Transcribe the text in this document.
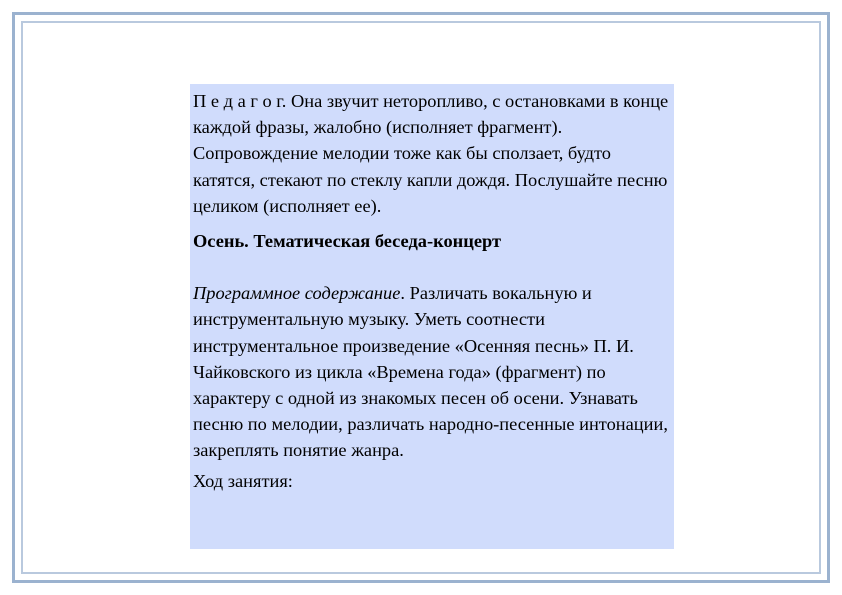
П е д а г о г. Она звучит неторопливо, с остановками в конце каждой фразы, жалобно (исполняет фрагмент). Сопровождение мелодии тоже как бы сползает, будто катятся, стекают по стеклу капли дождя. Послушайте песню целиком (исполняет ее).

Осень. Тематическая беседа-концерт

Программное содержание. Различать вокальную и инструментальную музыку. Уметь соотнести инструментальное произведение «Осенняя песнь» П. И. Чайковского из цикла «Времена года» (фрагмент) по характеру с одной из знакомых песен об осени. Узнавать песню по мелодии, различать народно-песенные интонации, закреплять понятие жанра.

Ход занятия:
